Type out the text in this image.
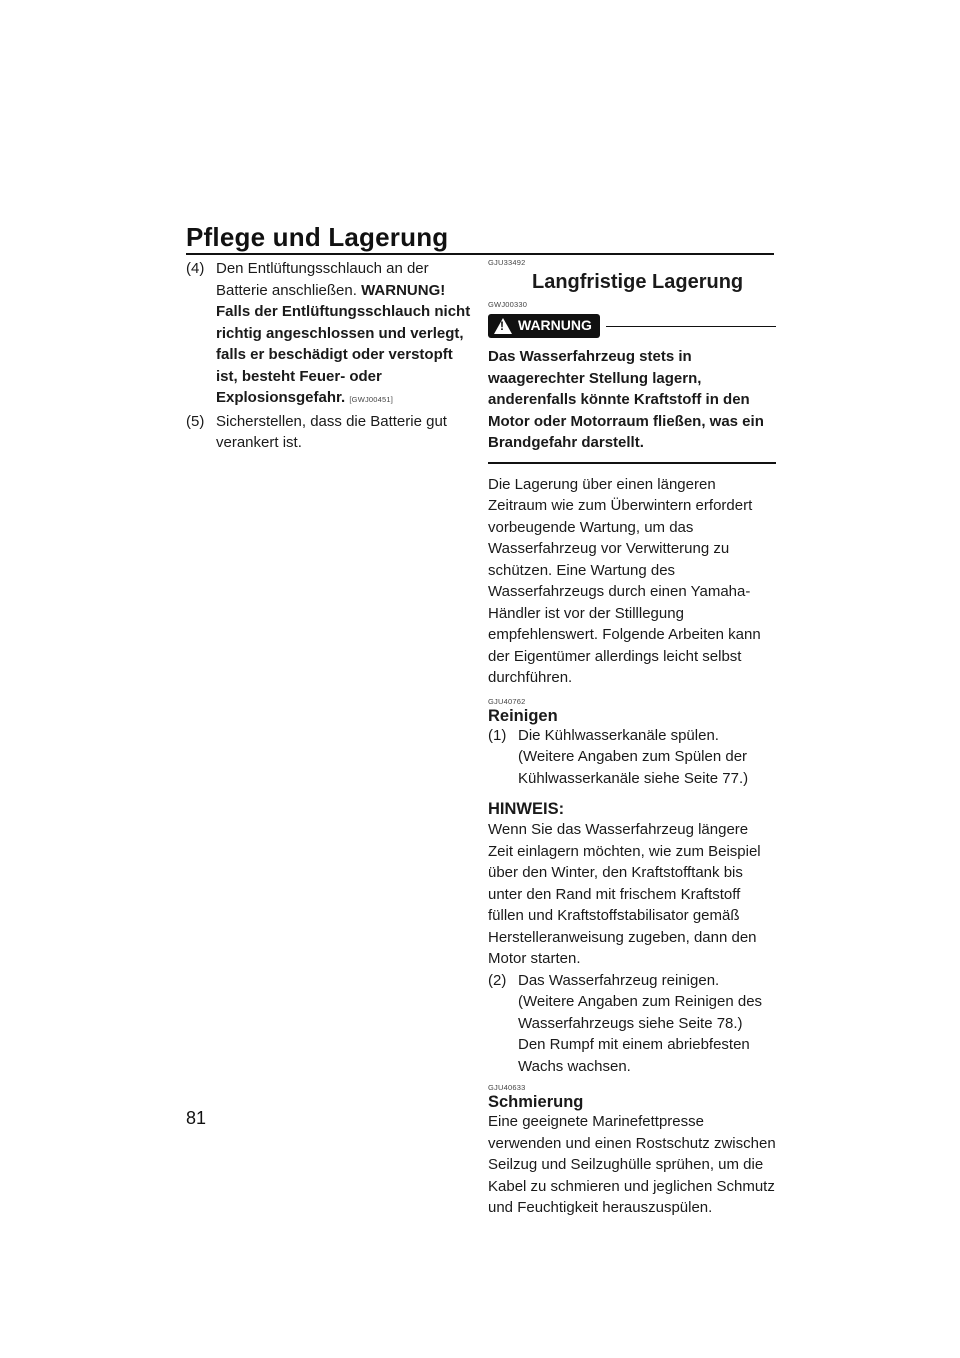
Pflege und Lagerung
(4) Den Entlüftungsschlauch an der Batterie anschließen. WARNUNG! Falls der Entlüftungsschlauch nicht richtig angeschlossen und verlegt, falls er beschädigt oder verstopft ist, besteht Feuer- oder Explosionsgefahr. [GWJ00451]
(5) Sicherstellen, dass die Batterie gut verankert ist.
GJU33492
Langfristige Lagerung
GWJ00330
!
WARNUNG

Das Wasserfahrzeug stets in waagerechter Stellung lagern, anderenfalls könnte Kraftstoff in den Motor oder Motorraum fließen, was ein Brandgefahr darstellt.

Die Lagerung über einen längeren Zeitraum wie zum Überwintern erfordert vorbeugende Wartung, um das Wasserfahrzeug vor Verwitterung zu schützen. Eine Wartung des Wasserfahrzeugs durch einen Yamaha-Händler ist vor der Stilllegung empfehlenswert. Folgende Arbeiten kann der Eigentümer allerdings leicht selbst durchführen.

GJU40762
Reinigen
(1) Die Kühlwasserkanäle spülen. (Weitere Angaben zum Spülen der Kühlwasserkanäle siehe Seite 77.)
HINWEIS:

Wenn Sie das Wasserfahrzeug längere Zeit einlagern möchten, wie zum Beispiel über den Winter, den Kraftstofftank bis unter den Rand mit frischem Kraftstoff füllen und Kraftstoffstabilisator gemäß Herstelleranweisung zugeben, dann den Motor starten.

(2) Das Wasserfahrzeug reinigen. (Weitere Angaben zum Reinigen des Wasserfahrzeugs siehe Seite 78.)

Den Rumpf mit einem abriebfesten Wachs wachsen.

GJU40633
Schmierung

Eine geeignete Marinefettpresse verwenden und einen Rostschutz zwischen Seilzug und Seilzughülle sprühen, um die Kabel zu schmieren und jeglichen Schmutz und Feuchtigkeit herauszuspülen.

81
